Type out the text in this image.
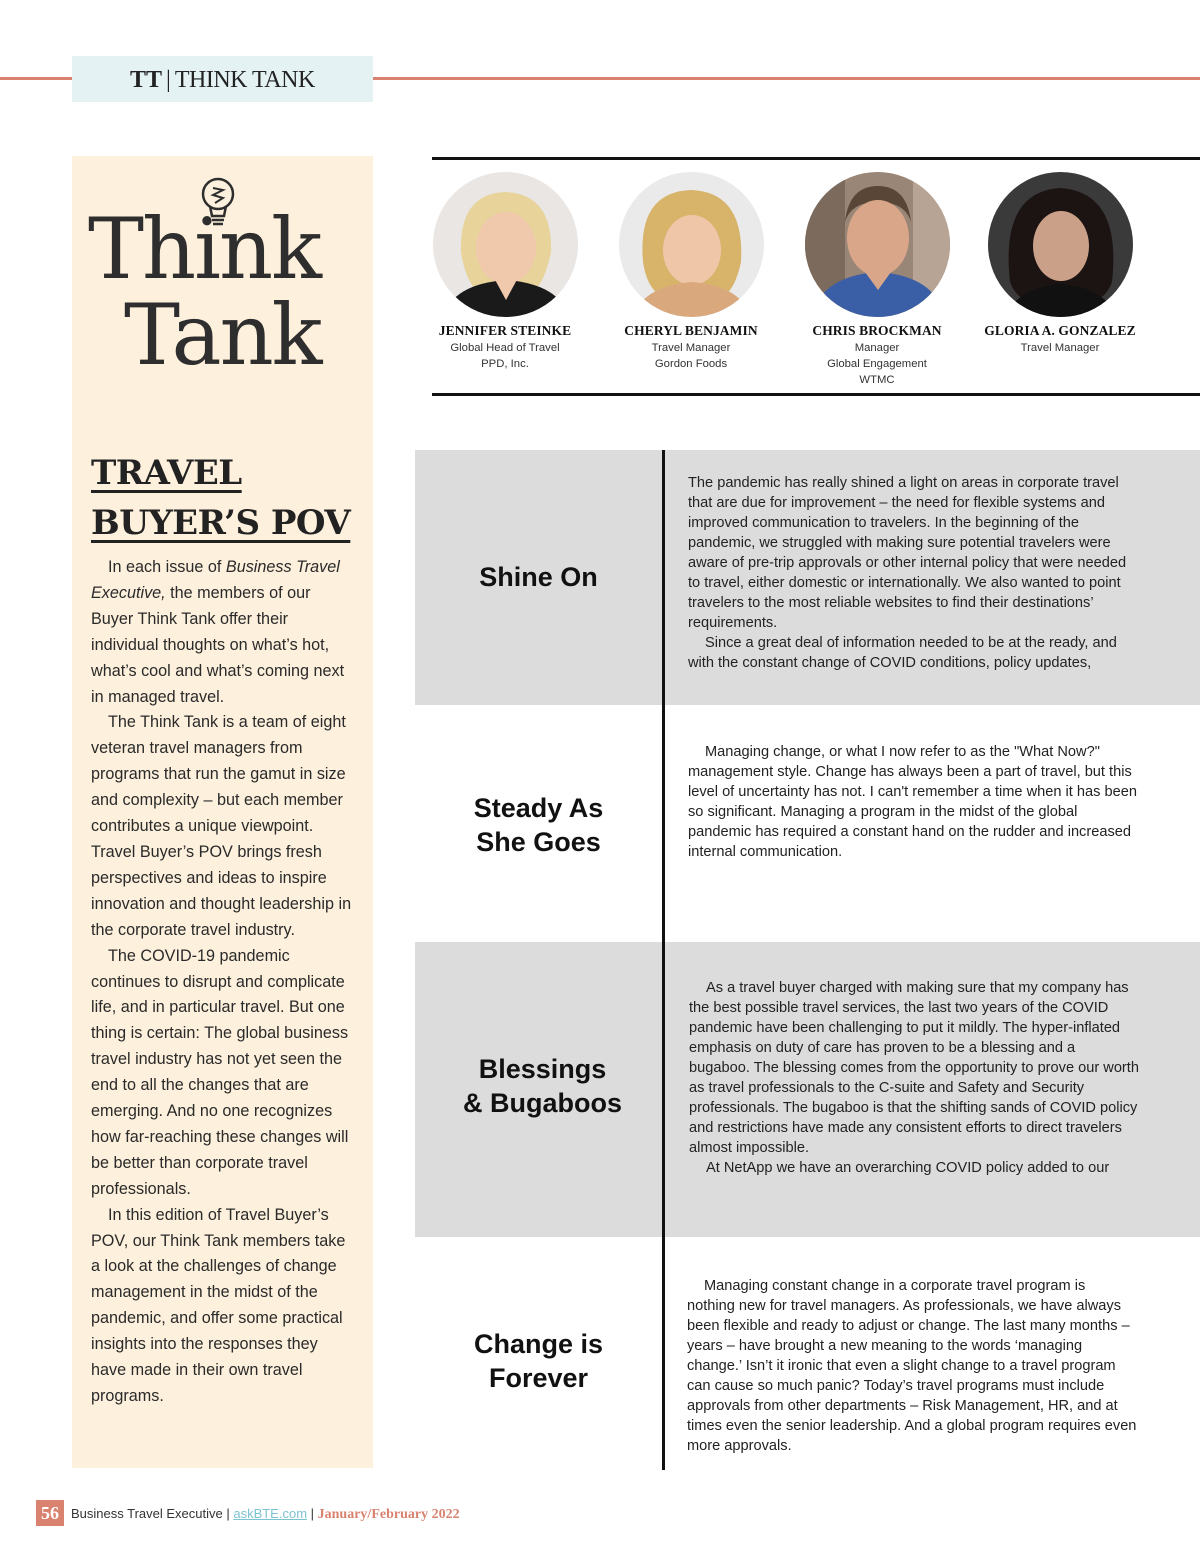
TT | THINK TANK
Think
Tank
TRAVEL
BUYER’S POV

In each issue of Business Travel Executive, the members of our Buyer Think Tank offer their individual thoughts on what’s hot, what’s cool and what’s coming next in managed travel.

The Think Tank is a team of eight veteran travel managers from programs that run the gamut in size and complexity – but each member contributes a unique viewpoint. Travel Buyer’s POV brings fresh perspectives and ideas to inspire innovation and thought leadership in the corporate travel industry.

The COVID-19 pandemic continues to disrupt and complicate life, and in particular travel. But one thing is certain: The global business travel industry has not yet seen the end to all the changes that are emerging. And no one recognizes how far-reaching these changes will be better than corporate travel professionals.

In this edition of Travel Buyer’s POV, our Think Tank members take a look at the challenges of change management in the midst of the pandemic, and offer some practical insights into the responses they have made in their own travel programs.

JENNIFER STEINKE
Global Head of Travel
PPD, Inc.
CHERYL BENJAMIN
Travel Manager
Gordon Foods
CHRIS BROCKMAN
Manager
Global Engagement
WTMC
GLORIA A. GONZALEZ
Travel Manager
Shine On

The pandemic has really shined a light on areas in corporate travel that are due for improvement – the need for flexible systems and improved communication to travelers. In the beginning of the pandemic, we struggled with making sure potential travelers were aware of pre-trip approvals or other internal policy that were needed to travel, either domestic or internationally. We also wanted to point travelers to the most reliable websites to find their destinations’ requirements.

Since a great deal of information needed to be at the ready, and with the constant change of COVID conditions, policy updates,

Steady As
She Goes

Managing change, or what I now refer to as the "What Now?" management style. Change has always been a part of travel, but this level of uncertainty has not. I can't remember a time when it has been so significant. Managing a program in the midst of the global pandemic has required a constant hand on the rudder and increased internal communication.

Blessings
& Bugaboos

As a travel buyer charged with making sure that my company has the best possible travel services, the last two years of the COVID pandemic have been challenging to put it mildly. The hyper-inflated emphasis on duty of care has proven to be a blessing and a bugaboo. The blessing comes from the opportunity to prove our worth as travel professionals to the C-suite and Safety and Security professionals. The bugaboo is that the shifting sands of COVID policy and restrictions have made any consistent efforts to direct travelers almost impossible.

At NetApp we have an overarching COVID policy added to our

Change is
Forever

Managing constant change in a corporate travel program is nothing new for travel managers. As professionals, we have always been flexible and ready to adjust or change. The last many months – years – have brought a new meaning to the words ‘managing change.’ Isn’t it ironic that even a slight change to a travel program can cause so much panic? Today’s travel programs must include approvals from other departments – Risk Management, HR, and at times even the senior leadership. And a global program requires even more approvals.

56 Business Travel Executive | askBTE.com | January/February 2022
